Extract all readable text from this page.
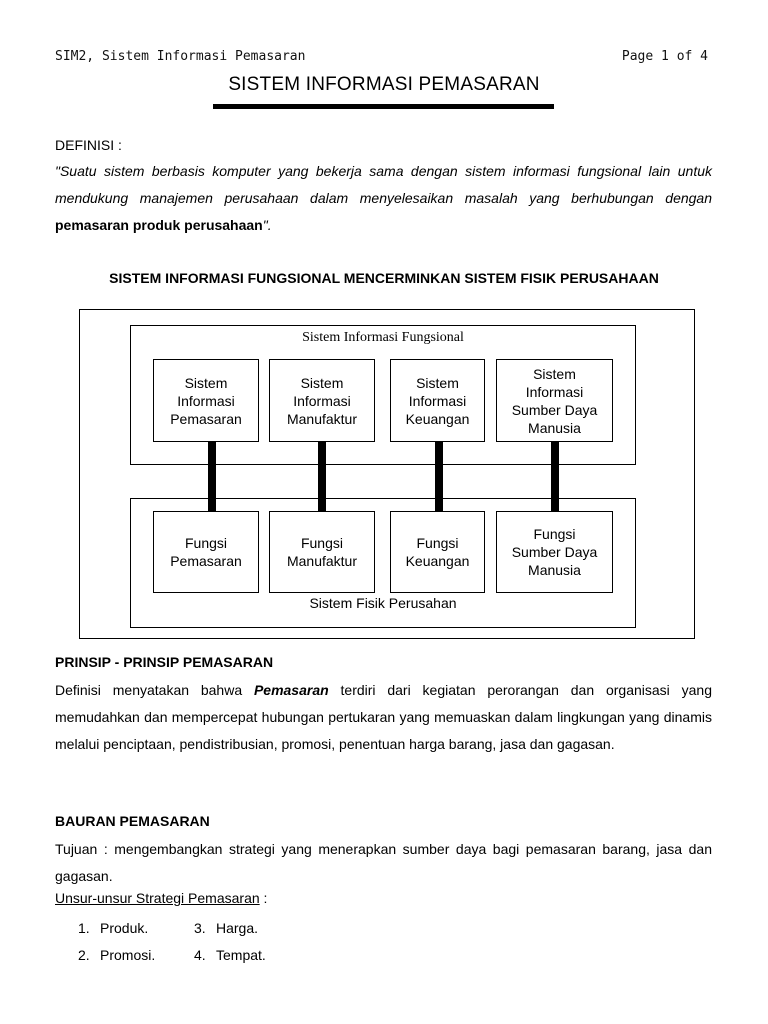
SIM2, Sistem Informasi Pemasaran	Page 1 of 4
SISTEM INFORMASI PEMASARAN
DEFINISI :
"Suatu sistem berbasis komputer yang bekerja sama dengan sistem informasi fungsional lain untuk mendukung manajemen perusahaan dalam menyelesaikan masalah yang berhubungan dengan pemasaran produk perusahaan".
SISTEM INFORMASI FUNGSIONAL MENCERMINKAN SISTEM FISIK PERUSAHAAN
Sistem Informasi Fungsional
Sistem Fisik Perusahan
Sistem
Informasi
Pemasaran
Sistem
Informasi
Manufaktur
Sistem
Informasi
Keuangan
Sistem
Informasi
Sumber Daya
Manusia
Fungsi
Pemasaran
Fungsi
Manufaktur
Fungsi
Keuangan
Fungsi
Sumber Daya
Manusia
PRINSIP - PRINSIP PEMASARAN
Definisi menyatakan bahwa Pemasaran terdiri dari kegiatan perorangan dan organisasi yang memudahkan dan mempercepat hubungan pertukaran yang memuaskan dalam lingkungan yang dinamis melalui penciptaan, pendistribusian, promosi, penentuan harga barang, jasa dan gagasan.
BAURAN PEMASARAN
Tujuan : mengembangkan strategi yang menerapkan sumber daya bagi pemasaran barang, jasa dan gagasan.
Unsur-unsur Strategi Pemasaran :
1. Produk.	3. Harga.
2. Promosi.	4. Tempat.
